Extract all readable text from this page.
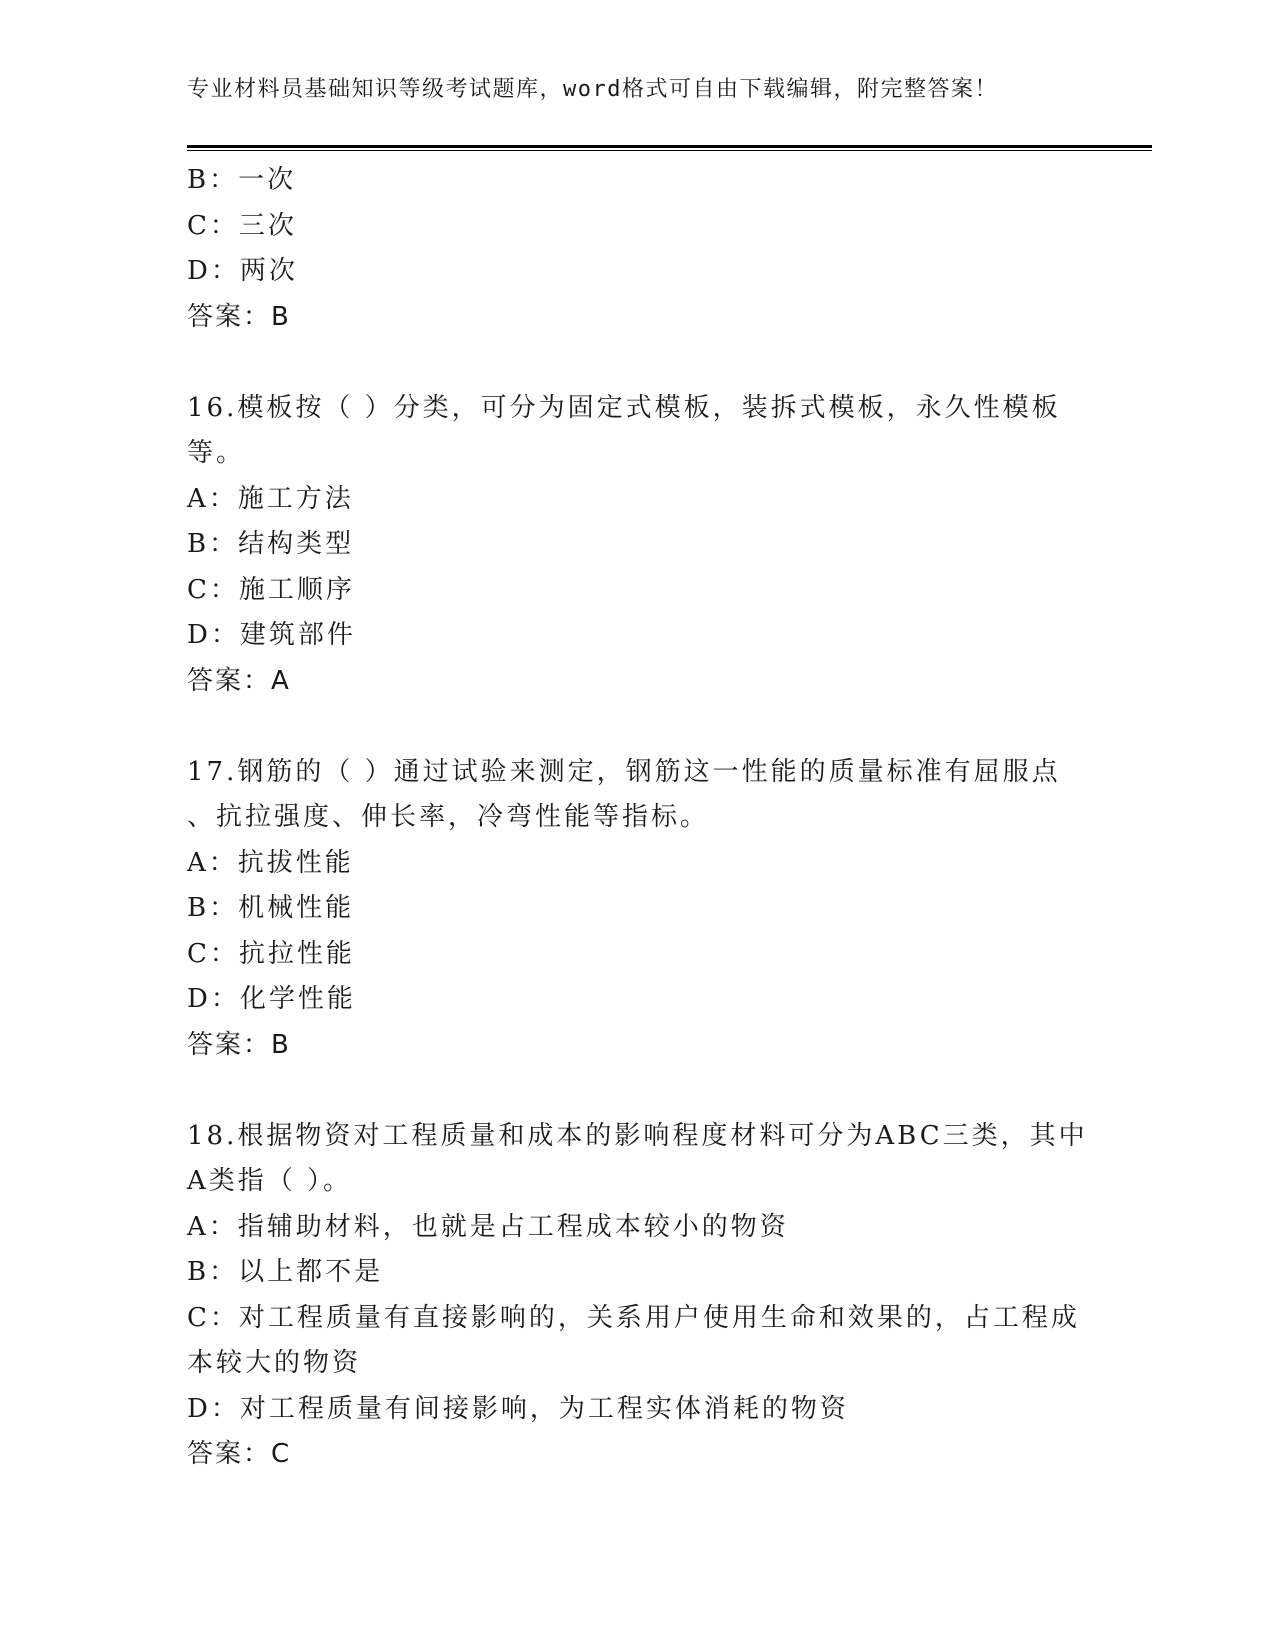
专业材料员基础知识等级考试题库，word格式可自由下载编辑，附完整答案！
B：一次
C：三次
D：两次
答案：B
16.模板按（ ）分类，可分为固定式模板，装拆式模板，永久性模板
等。
A：施工方法
B：结构类型
C：施工顺序
D：建筑部件
答案：A
17.钢筋的（ ）通过试验来测定，钢筋这一性能的质量标准有屈服点
、抗拉强度、伸长率，冷弯性能等指标。
A：抗拔性能
B：机械性能
C：抗拉性能
D：化学性能
答案：B
18.根据物资对工程质量和成本的影响程度材料可分为ABC三类，其中
A类指（ ）。
A：指辅助材料，也就是占工程成本较小的物资
B：以上都不是
C：对工程质量有直接影响的，关系用户使用生命和效果的，占工程成
本较大的物资
D：对工程质量有间接影响，为工程实体消耗的物资
答案：C
